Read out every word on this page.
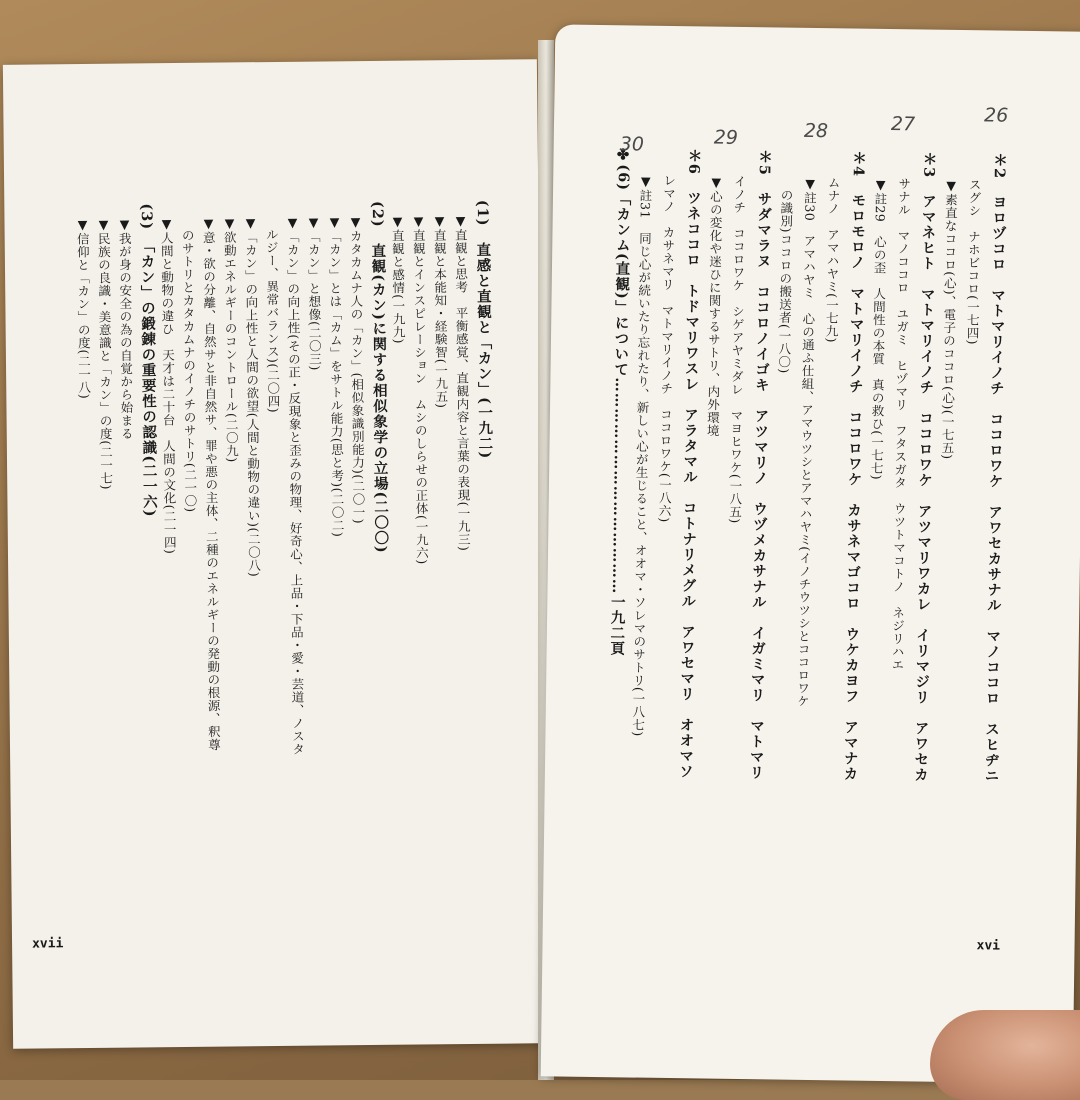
(1)　直感と直観と「カン」(一九二)
　▼直観と思考　平衡感覚、直観内容と言葉の表現(一九三)
　▼直観と本能知・経験智(一九五)
　▼直観とインスピレーション　ムシのしらせの正体(一九六)
　▼直観と感情(一九九)
(2)　直観(カン)に関する相似象学の立場(二〇〇)
　▼カタカムナ人の「カン」(相似象識別能力)(二〇一)
　▼「カン」とは「カム」をサトル能力(思と考)(二〇二)
　▼「カン」と想像(二〇三)
　▼「カン」の向上性(その正・反現象と歪みの物理、好奇心、上品・下品・愛・芸道、ノスタ
　　ルジー、異常バランス)(二〇四)
　▼「カン」の向上性と人間の欲望(人間と動物の違い)(二〇八)
　▼欲動エネルギーのコントロール(二〇九)
　▼意・欲の分離、自然サと非自然サ、罪や悪の主体、二種のエネルギーの発動の根源、釈尊
　　のサトリとカタカムナのイノチのサトリ(二一〇)
　▼人間と動物の違ひ　天才は二十台　人間の文化(二一四)
(3)　「カン」の鍛錬の重要性の認識(二一六)
　▼我が身の安全の為の自覚から始まる
　▼民族の良識・美意識と「カン」の度(二一七)
　▼信仰と「カン」の度(二一八)
xvii
＊2　ヨロヅコロ　マトマリイノチ　ココロワケ　アワセカサナル　マノココロ　スヒヂニ
　　スグシ　ナホビコロ(一七四)
　　▼素直なココロ(心)、電子のココロ(心)(一七五)
＊3　アマネヒト　マトマリイノチ　ココロワケ　アツマリワカレ　イリマジリ　アワセカ
　　サナル　マノココロ　ユガミ　ヒヅマリ　フタスガタ　ウツトマコトノ　ネジリハエ
　　▼註29　心の歪　人間性の本質　真の救ひ(一七七)
＊4　モロモロノ　マトマリイノチ　ココロワケ　カサネマゴコロ　ウケカヨフ　アマナカ
　　ムナノ　アマハヤミ(一七九)
　　▼註30　アマハヤミ　心の通ふ仕組、アマウツシとアマハヤミ(イノチウツシとココロワケ
　　　の識別)ココロの搬送者(一八〇)
＊5　サダマラヌ　ココロノイゴキ　アツマリノ　ウヅメカサナル　イガミマリ　マトマリ
　　イノチ　ココロワケ　シゲアヤミダレ　マヨヒワケ(一八五)
　　▼心の変化や迷ひに関するサトリ、内外環境
＊6　ツネココロ　トドマリワスレ　アラタマル　コトナリメグル　アワセマリ　オオマソ
　　レマノ　カサネマリ　マトマリイノチ　ココロワケ(一八六)
　　▼註31　同じ心が続いたり忘れたり、新しい心が生じること、オオマ・ソレマのサトリ(一八七)
✤(6)「カンム(直観)」について……………………………………一九二頁
26
27
28
29
30
xvi
